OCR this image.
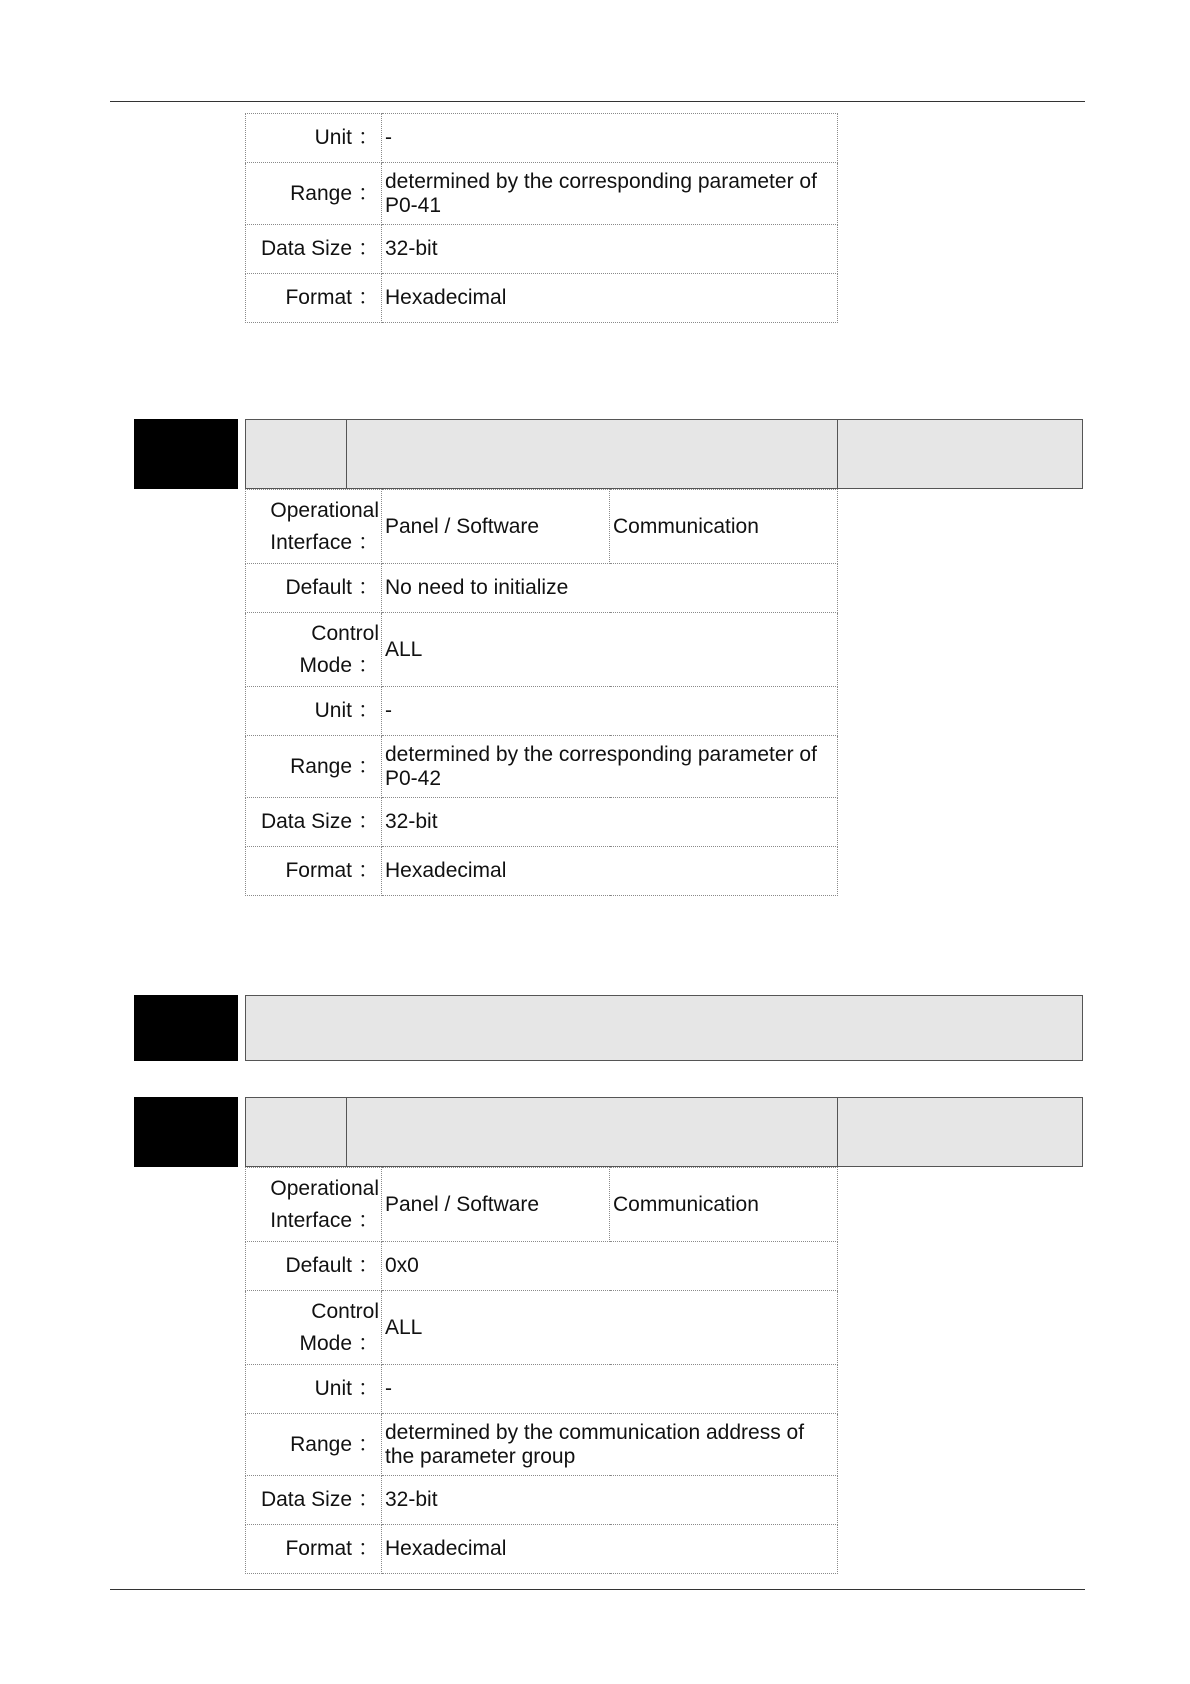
Unit ：	-
Range ：	determined by the corresponding parameter of P0-41

Data Size ：	32-bit
Format ：	Hexadecimal
Operational
Interface ：	Panel / Software	Communication
Default ：	No need to initialize	

Control
Mode ：	ALL	
Unit ：	-	
Range ：	determined by the corresponding parameter of P0-42	

Data Size ：	32-bit	
Format ：	Hexadecimal	
Operational
Interface ：	Panel / Software	Communication
Default ：	0x0	

Control
Mode ：	ALL	
Unit ：	-	
Range ：	determined by the communication address of the parameter group	

Data Size ：	32-bit	
Format ：	Hexadecimal	
